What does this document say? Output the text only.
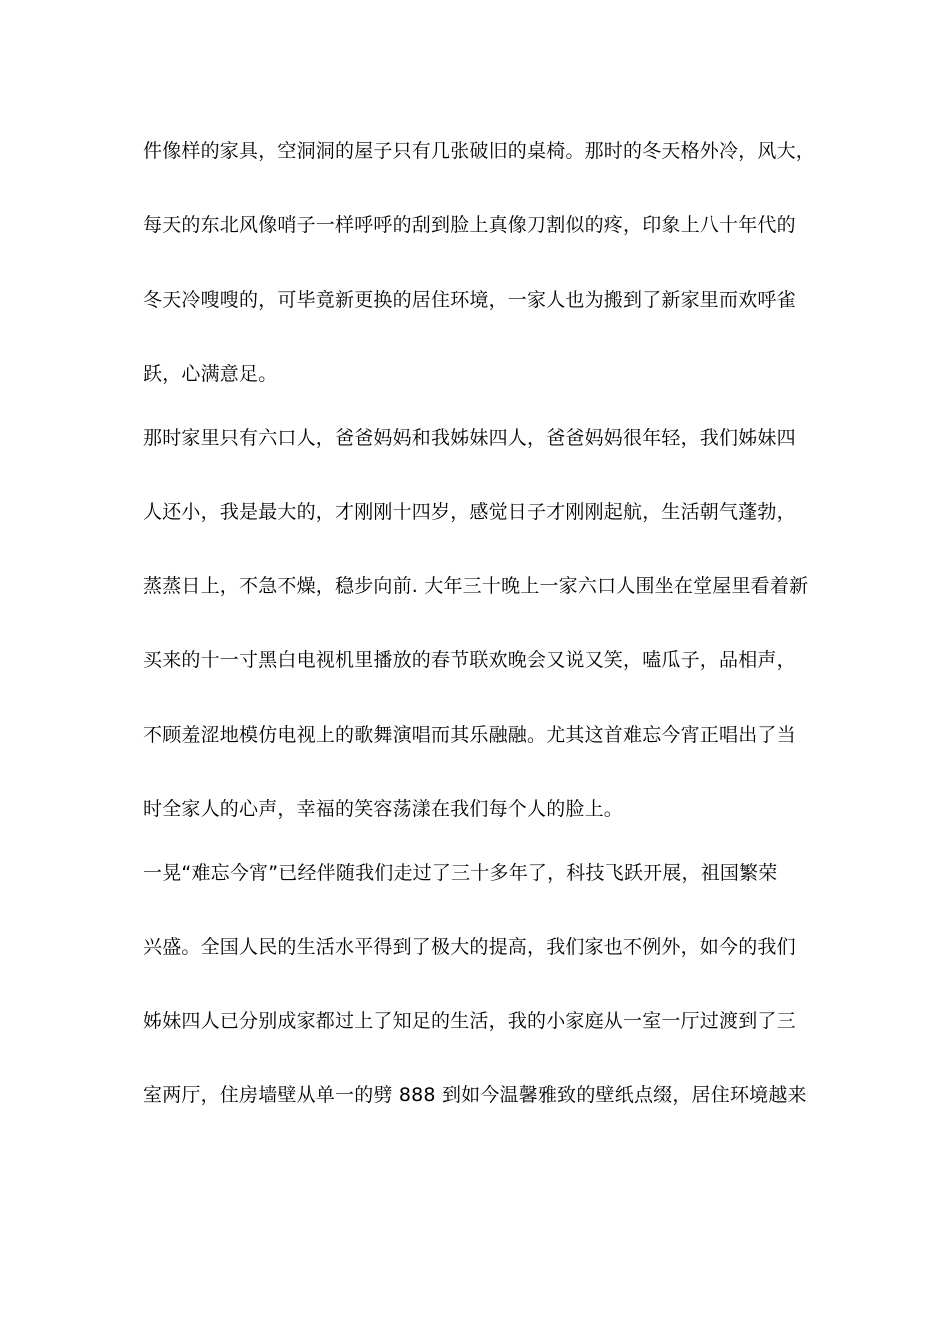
件像样的家具，空洞洞的屋子只有几张破旧的桌椅。那时的冬天格外冷，风大，
每天的东北风像哨子一样呼呼的刮到脸上真像刀割似的疼，印象上八十年代的
冬天冷嗖嗖的，可毕竟新更换的居住环境，一家人也为搬到了新家里而欢呼雀
跃，心满意足。
那时家里只有六口人，爸爸妈妈和我姊妹四人，爸爸妈妈很年轻，我们姊妹四
人还小，我是最大的，才刚刚十四岁，感觉日子才刚刚起航，生活朝气蓬勃，
蒸蒸日上，不急不燥，稳步向前. 大年三十晚上一家六口人围坐在堂屋里看着新
买来的十一寸黑白电视机里播放的春节联欢晚会又说又笑，嗑瓜子，品相声，
不顾羞涩地模仿电视上的歌舞演唱而其乐融融。尤其这首难忘今宵正唱出了当
时全家人的心声，幸福的笑容荡漾在我们每个人的脸上。
一晃“难忘今宵”已经伴随我们走过了三十多年了，科技飞跃开展，祖国繁荣
兴盛。全国人民的生活水平得到了极大的提高，我们家也不例外，如今的我们
姊妹四人已分别成家都过上了知足的生活，我的小家庭从一室一厅过渡到了三
室两厅，住房墙壁从单一的劈 888 到如今温馨雅致的壁纸点缀，居住环境越来
